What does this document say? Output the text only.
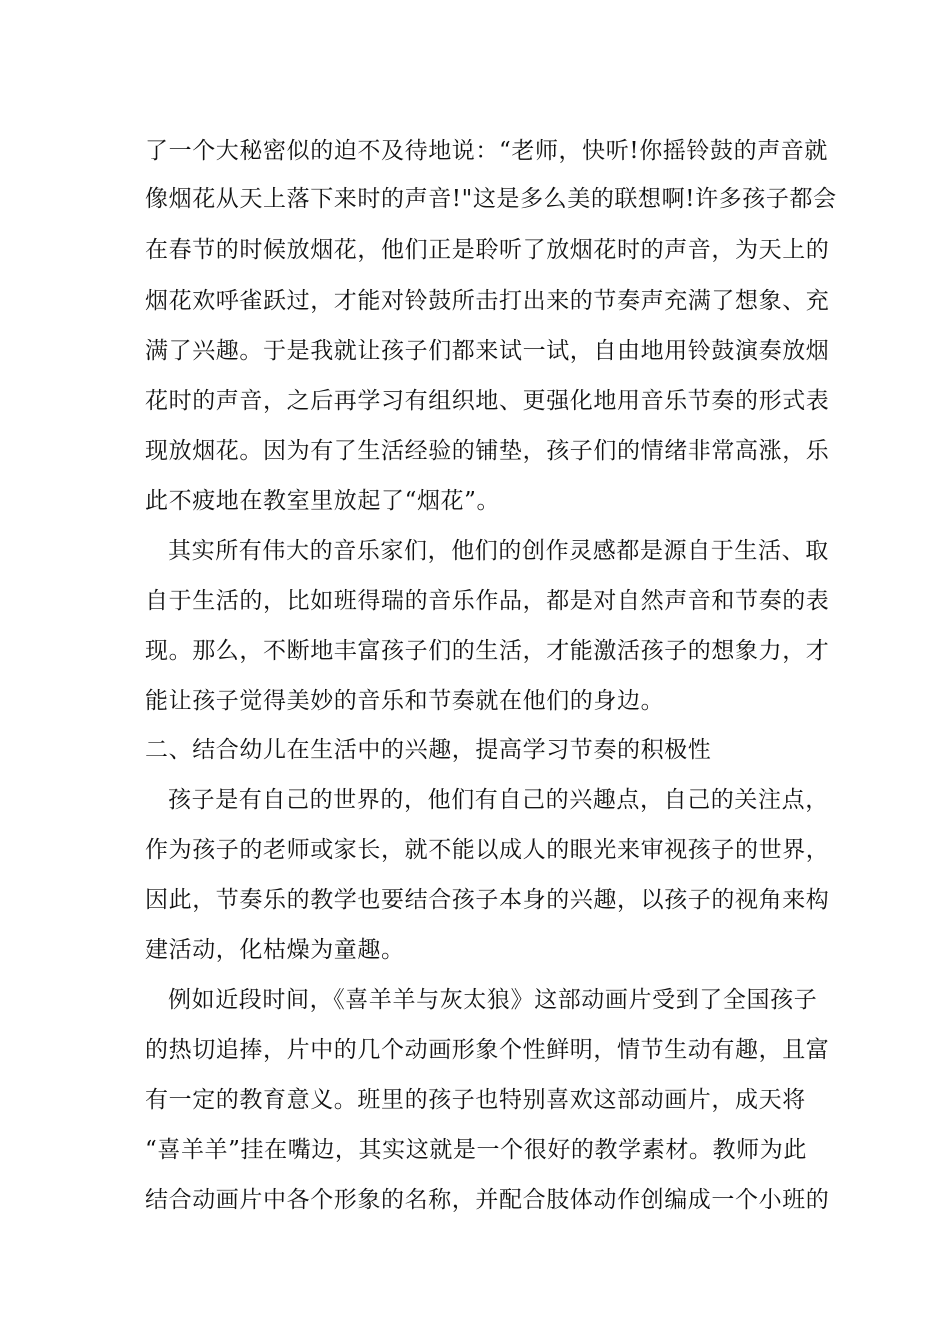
了一个大秘密似的迫不及待地说：“老师，快听!你摇铃鼓的声音就

像烟花从天上落下来时的声音!"这是多么美的联想啊!许多孩子都会

在春节的时候放烟花，他们正是聆听了放烟花时的声音，为天上的

烟花欢呼雀跃过，才能对铃鼓所击打出来的节奏声充满了想象、充

满了兴趣。于是我就让孩子们都来试一试，自由地用铃鼓演奏放烟

花时的声音，之后再学习有组织地、更强化地用音乐节奏的形式表

现放烟花。因为有了生活经验的铺垫，孩子们的情绪非常高涨，乐

此不疲地在教室里放起了“烟花”。

其实所有伟大的音乐家们，他们的创作灵感都是源自于生活、取

自于生活的，比如班得瑞的音乐作品，都是对自然声音和节奏的表

现。那么，不断地丰富孩子们的生活，才能激活孩子的想象力，才

能让孩子觉得美妙的音乐和节奏就在他们的身边。

二、结合幼儿在生活中的兴趣，提高学习节奏的积极性

孩子是有自己的世界的，他们有自己的兴趣点，自己的关注点，

作为孩子的老师或家长，就不能以成人的眼光来审视孩子的世界，

因此，节奏乐的教学也要结合孩子本身的兴趣，以孩子的视角来构

建活动，化枯燥为童趣。

例如近段时间，《喜羊羊与灰太狼》这部动画片受到了全国孩子

的热切追捧，片中的几个动画形象个性鲜明，情节生动有趣，且富

有一定的教育意义。班里的孩子也特别喜欢这部动画片，成天将

“喜羊羊”挂在嘴边，其实这就是一个很好的教学素材。教师为此

结合动画片中各个形象的名称，并配合肢体动作创编成一个小班的
